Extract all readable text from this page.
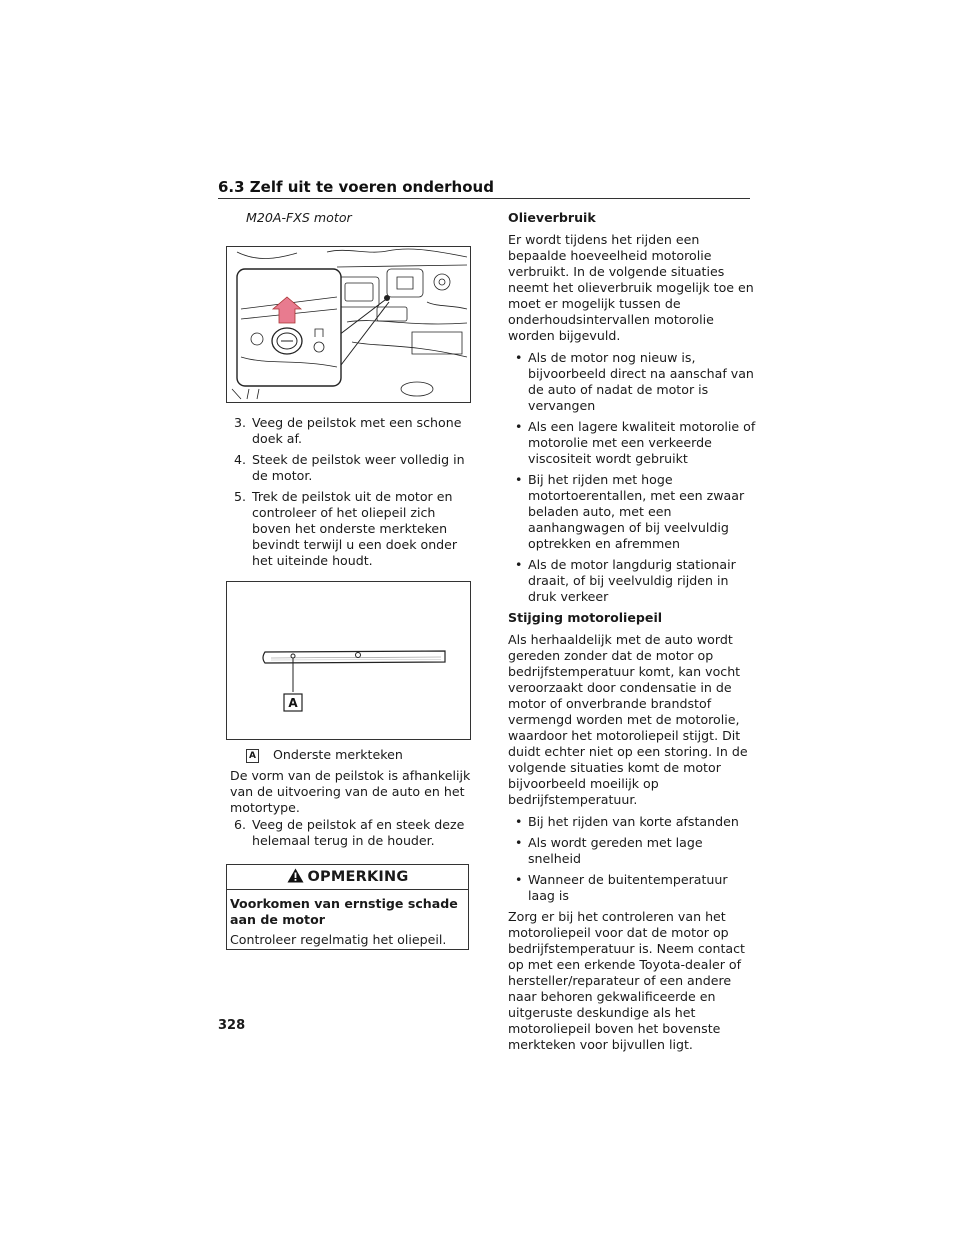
6.3 Zelf uit te voeren onderhoud
M20A-FXS motor
3. Veeg de peilstok met een schone doek af.
4. Steek de peilstok weer volledig in de motor.
5. Trek de peilstok uit de motor en controleer of het oliepeil zich boven het onderste merkteken bevindt terwijl u een doek onder het uiteinde houdt.
A
A Onderste merkteken

De vorm van de peilstok is afhankelijk van de uitvoering van de auto en het motortype.

6. Veeg de peilstok af en steek deze helemaal terug in de houder.
OPMERKING
Voorkomen van ernstige schade aan de motor
Controleer regelmatig het oliepeil.

Olieverbruik

Er wordt tijdens het rijden een bepaalde hoeveelheid motorolie verbruikt. In de volgende situaties neemt het olieverbruik mogelijk toe en moet er mogelijk tussen de onderhoudsintervallen motorolie worden bijgevuld.

• Als de motor nog nieuw is, bijvoorbeeld direct na aanschaf van de auto of nadat de motor is vervangen
• Als een lagere kwaliteit motorolie of motorolie met een verkeerde viscositeit wordt gebruikt
• Bij het rijden met hoge motortoerentallen, met een zwaar beladen auto, met een aanhangwagen of bij veelvuldig optrekken en afremmen
• Als de motor langdurig stationair draait, of bij veelvuldig rijden in druk verkeer

Stijging motoroliepeil

Als herhaaldelijk met de auto wordt gereden zonder dat de motor op bedrijfstemperatuur komt, kan vocht veroorzaakt door condensatie in de motor of onverbrande brandstof vermengd worden met de motorolie, waardoor het motoroliepeil stijgt. Dit duidt echter niet op een storing. In de volgende situaties komt de motor bijvoorbeeld moeilijk op bedrijfstemperatuur.

• Bij het rijden van korte afstanden
• Als wordt gereden met lage snelheid
• Wanneer de buitentemperatuur laag is

Zorg er bij het controleren van het motoroliepeil voor dat de motor op bedrijfstemperatuur is. Neem contact op met een erkende Toyota-dealer of hersteller/reparateur of een andere naar behoren gekwalificeerde en uitgeruste deskundige als het motoroliepeil boven het bovenste merkteken voor bijvullen ligt.

328
